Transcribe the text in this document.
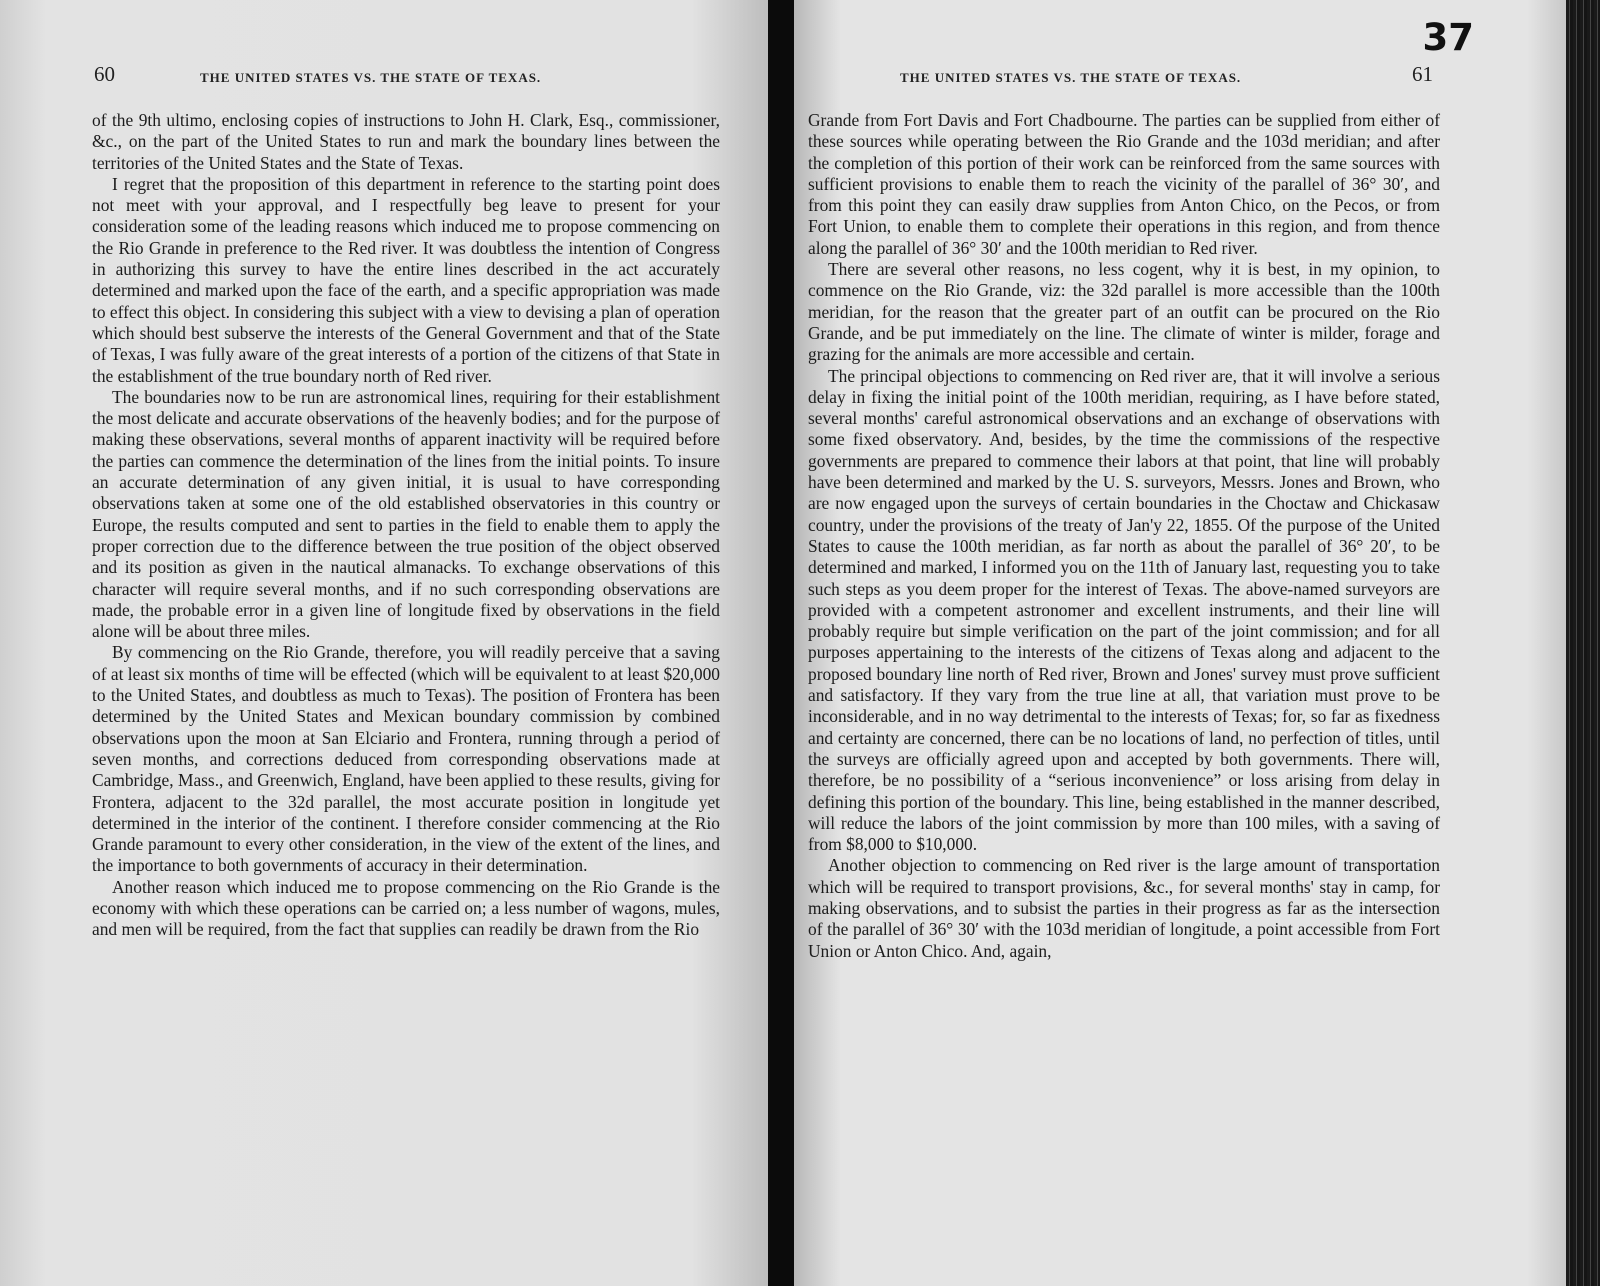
60	THE UNITED STATES VS. THE STATE OF TEXAS.

of the 9th ultimo, enclosing copies of instructions to John H. Clark, Esq., commissioner, &c., on the part of the United States to run and mark the boundary lines between the territories of the United States and the State of Texas.

I regret that the proposition of this department in reference to the starting point does not meet with your approval, and I respectfully beg leave to present for your consideration some of the leading reasons which induced me to propose commencing on the Rio Grande in preference to the Red river. It was doubtless the intention of Congress in authorizing this survey to have the entire lines described in the act accurately determined and marked upon the face of the earth, and a specific appropriation was made to effect this object. In considering this subject with a view to devising a plan of operation which should best subserve the interests of the General Government and that of the State of Texas, I was fully aware of the great interests of a portion of the citizens of that State in the establishment of the true boundary north of Red river.

The boundaries now to be run are astronomical lines, requiring for their establishment the most delicate and accurate observations of the heavenly bodies; and for the purpose of making these observations, several months of apparent inactivity will be required before the parties can commence the determination of the lines from the initial points. To insure an accurate determination of any given initial, it is usual to have corresponding observations taken at some one of the old established observatories in this country or Europe, the results computed and sent to parties in the field to enable them to apply the proper correction due to the difference between the true position of the object observed and its position as given in the nautical almanacks. To exchange observations of this character will require several months, and if no such corresponding observations are made, the probable error in a given line of longitude fixed by observations in the field alone will be about three miles.

By commencing on the Rio Grande, therefore, you will readily perceive that a saving of at least six months of time will be effected (which will be equivalent to at least $20,000 to the United States, and doubtless as much to Texas). The position of Frontera has been determined by the United States and Mexican boundary commission by combined observations upon the moon at San Elciario and Frontera, running through a period of seven months, and corrections deduced from corresponding observations made at Cambridge, Mass., and Greenwich, England, have been applied to these results, giving for Frontera, adjacent to the 32d parallel, the most accurate position in longitude yet determined in the interior of the continent. I therefore consider commencing at the Rio Grande paramount to every other consideration, in the view of the extent of the lines, and the importance to both governments of accuracy in their determination.

Another reason which induced me to propose commencing on the Rio Grande is the economy with which these operations can be carried on; a less number of wagons, mules, and men will be required, from the fact that supplies can readily be drawn from the Rio

37
THE UNITED STATES VS. THE STATE OF TEXAS.	61

Grande from Fort Davis and Fort Chadbourne. The parties can be supplied from either of these sources while operating between the Rio Grande and the 103d meridian; and after the completion of this portion of their work can be reinforced from the same sources with sufficient provisions to enable them to reach the vicinity of the parallel of 36° 30′, and from this point they can easily draw supplies from Anton Chico, on the Pecos, or from Fort Union, to enable them to complete their operations in this region, and from thence along the parallel of 36° 30′ and the 100th meridian to Red river.

There are several other reasons, no less cogent, why it is best, in my opinion, to commence on the Rio Grande, viz: the 32d parallel is more accessible than the 100th meridian, for the reason that the greater part of an outfit can be procured on the Rio Grande, and be put immediately on the line. The climate of winter is milder, forage and grazing for the animals are more accessible and certain.

The principal objections to commencing on Red river are, that it will involve a serious delay in fixing the initial point of the 100th meridian, requiring, as I have before stated, several months' careful astronomical observations and an exchange of observations with some fixed observatory. And, besides, by the time the commissions of the respective governments are prepared to commence their labors at that point, that line will probably have been determined and marked by the U. S. surveyors, Messrs. Jones and Brown, who are now engaged upon the surveys of certain boundaries in the Choctaw and Chickasaw country, under the provisions of the treaty of Jan'y 22, 1855. Of the purpose of the United States to cause the 100th meridian, as far north as about the parallel of 36° 20′, to be determined and marked, I informed you on the 11th of January last, requesting you to take such steps as you deem proper for the interest of Texas. The above-named surveyors are provided with a competent astronomer and excellent instruments, and their line will probably require but simple verification on the part of the joint commission; and for all purposes appertaining to the interests of the citizens of Texas along and adjacent to the proposed boundary line north of Red river, Brown and Jones' survey must prove sufficient and satisfactory. If they vary from the true line at all, that variation must prove to be inconsiderable, and in no way detrimental to the interests of Texas; for, so far as fixedness and certainty are concerned, there can be no locations of land, no perfection of titles, until the surveys are officially agreed upon and accepted by both governments. There will, therefore, be no possibility of a “serious inconvenience” or loss arising from delay in defining this portion of the boundary. This line, being established in the manner described, will reduce the labors of the joint commission by more than 100 miles, with a saving of from $8,000 to $10,000.

Another objection to commencing on Red river is the large amount of transportation which will be required to transport provisions, &c., for several months' stay in camp, for making observations, and to subsist the parties in their progress as far as the intersection of the parallel of 36° 30′ with the 103d meridian of longitude, a point accessible from Fort Union or Anton Chico. And, again,
